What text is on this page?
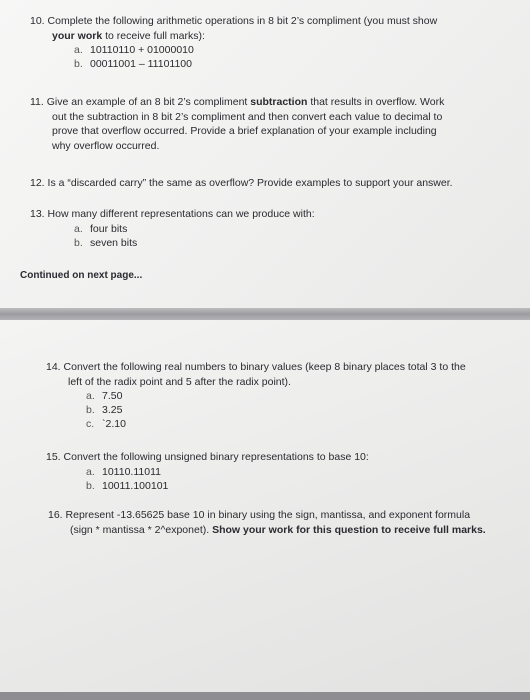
10. Complete the following arithmetic operations in 8 bit 2’s compliment (you must show
your work to receive full marks):
a. 10110110 + 01000010
b. 00011001 – 11101100
11. Give an example of an 8 bit 2’s compliment subtraction that results in overflow. Work
out the subtraction in 8 bit 2’s compliment and then convert each value to decimal to
prove that overflow occurred. Provide a brief explanation of your example including
why overflow occurred.
12. Is a “discarded carry” the same as overflow? Provide examples to support your answer.
13. How many different representations can we produce with:
a. four bits
b. seven bits
Continued on next page...
14. Convert the following real numbers to binary values (keep 8 binary places total 3 to the
left of the radix point and 5 after the radix point).
a. 7.50
b. 3.25
c. `2.10
15. Convert the following unsigned binary representations to base 10:
a. 10110.11011
b. 10011.100101
16. Represent -13.65625 base 10 in binary using the sign, mantissa, and exponent formula
(sign * mantissa * 2^exponet). Show your work for this question to receive full marks.
